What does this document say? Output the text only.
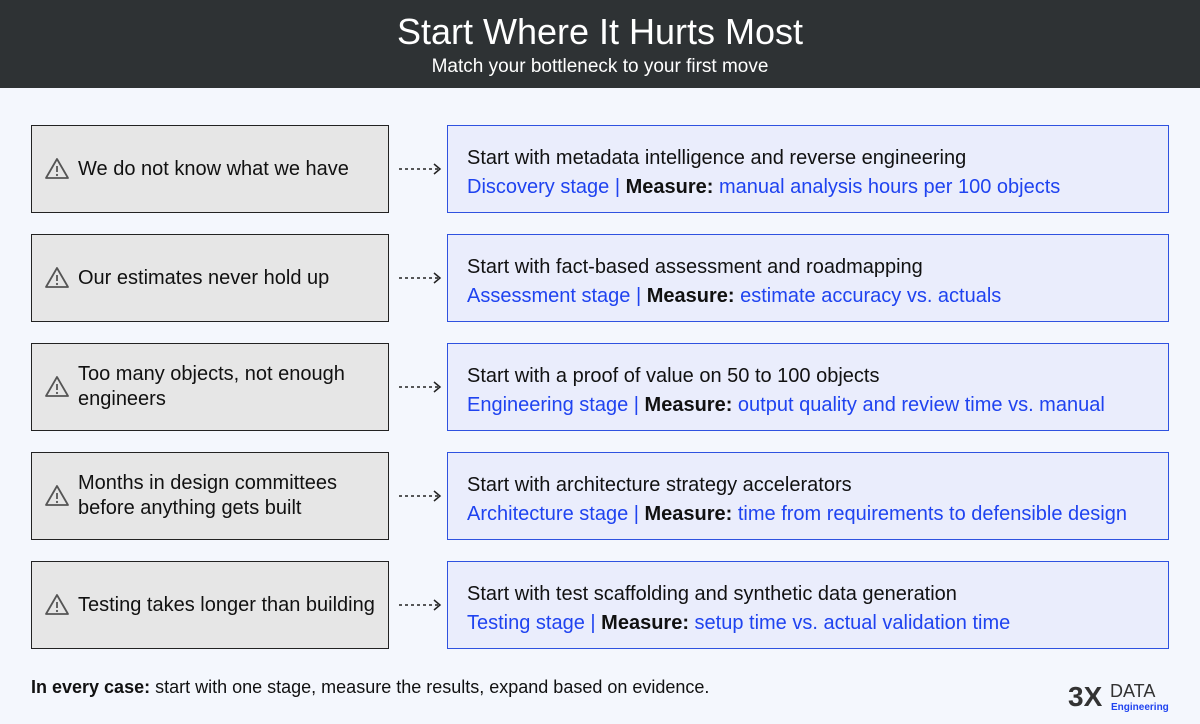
Start Where It Hurts Most
Match your bottleneck to your first move
We do not know what we have	Start with metadata intelligence and reverse engineering
Discovery stage | Measure: manual analysis hours per 100 objects
Our estimates never hold up	Start with fact-based assessment and roadmapping
Assessment stage | Measure: estimate accuracy vs. actuals
Too many objects, not enough engineers
Start with a proof of value on 50 to 100 objects
Engineering stage | Measure: output quality and review time vs. manual
Months in design committees before anything gets built
Start with architecture strategy accelerators
Architecture stage | Measure: time from requirements to defensible design
Testing takes longer than building	Start with test scaffolding and synthetic data generation
Testing stage | Measure: setup time vs. actual validation time
In every case: start with one stage, measure the results, expand based on evidence.	3X DATA
Engineering
